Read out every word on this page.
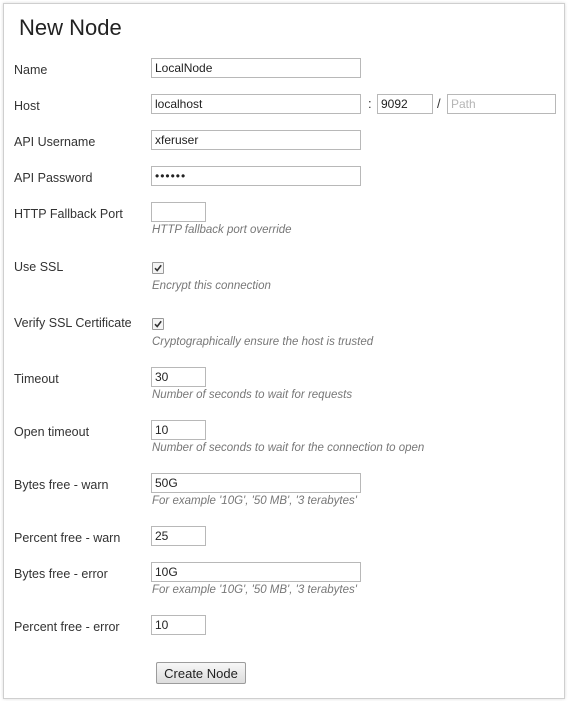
New Node
Name
LocalNode
Host
localhost	:
9092	/
Path
API Username
xferuser
API Password
••••••
HTTP Fallback Port
HTTP fallback port override
Use SSL
Encrypt this connection
Verify SSL Certificate
Cryptographically ensure the host is trusted
Timeout
30
Number of seconds to wait for requests
Open timeout
10
Number of seconds to wait for the connection to open
Bytes free - warn
50G
For example '10G', '50 MB', '3 terabytes'
Percent free - warn
25
Bytes free - error
10G
For example '10G', '50 MB', '3 terabytes'
Percent free - error
10
Create Node
